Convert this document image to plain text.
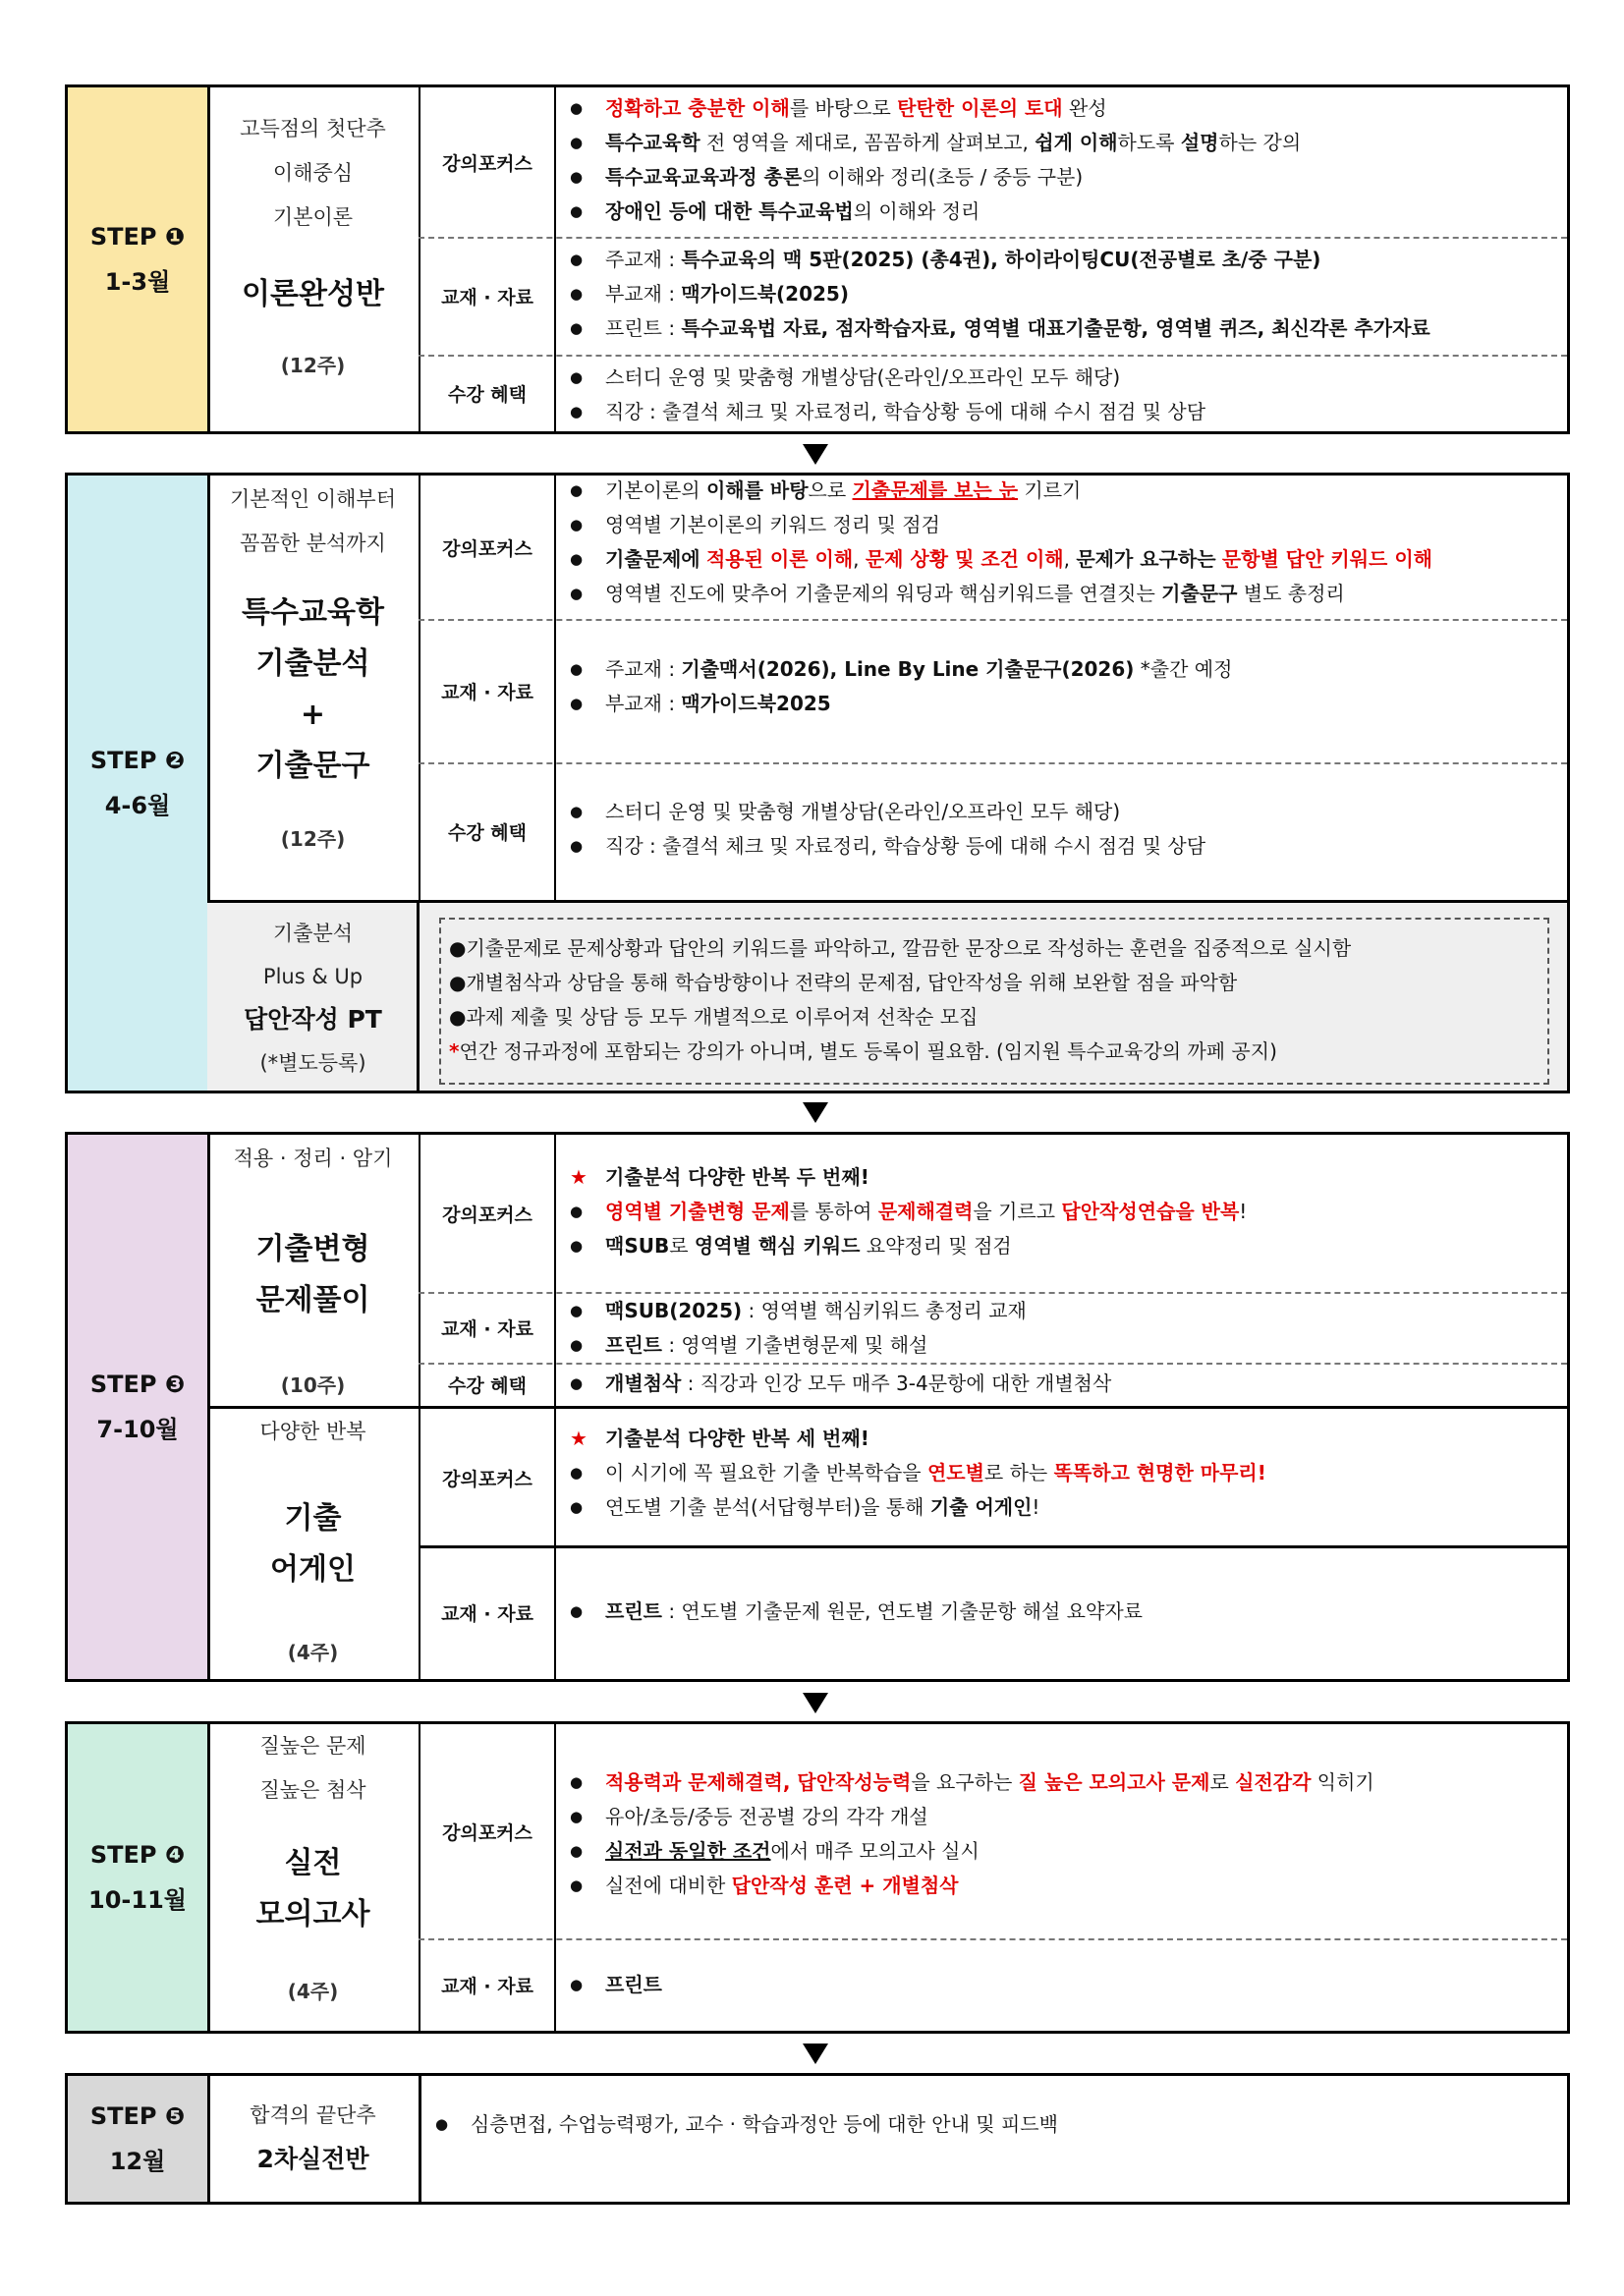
STEP ❶
1-3월
고득점의 첫단추
이해중심
기본이론
이론완성반
(12주)
강의포커스
교재 · 자료
수강 혜택
● 정확하고 충분한 이해를 바탕으로 탄탄한 이론의 토대 완성
● 특수교육학 전 영역을 제대로, 꼼꼼하게 살펴보고, 쉽게 이해하도록 설명하는 강의
● 특수교육교육과정 총론의 이해와 정리(초등 / 중등 구분)
● 장애인 등에 대한 특수교육법의 이해와 정리
● 주교재 : 특수교육의 맥 5판(2025) (총4권), 하이라이팅CU(전공별로 초/중 구분)
● 부교재 : 맥가이드북(2025)
● 프린트 : 특수교육법 자료, 점자학습자료, 영역별 대표기출문항, 영역별 퀴즈, 최신각론 추가자료
● 스터디 운영 및 맞춤형 개별상담(온라인/오프라인 모두 해당)
● 직강 : 출결석 체크 및 자료정리, 학습상황 등에 대해 수시 점검 및 상담
STEP ❷
4-6월
기본적인 이해부터
꼼꼼한 분석까지
특수교육학
기출분석
+
기출문구
(12주)
강의포커스
교재 · 자료
수강 혜택
● 기본이론의 이해를 바탕으로 기출문제를 보는 눈 기르기
● 영역별 기본이론의 키워드 정리 및 점검
● 기출문제에 적용된 이론 이해, 문제 상황 및 조건 이해, 문제가 요구하는 문항별 답안 키워드 이해
● 영역별 진도에 맞추어 기출문제의 워딩과 핵심키워드를 연결짓는 기출문구 별도 총정리
● 주교재 : 기출맥서(2026), Line By Line 기출문구(2026) *출간 예정
● 부교재 : 맥가이드북2025
● 스터디 운영 및 맞춤형 개별상담(온라인/오프라인 모두 해당)
● 직강 : 출결석 체크 및 자료정리, 학습상황 등에 대해 수시 점검 및 상담
기출분석
Plus & Up
답안작성 PT
(*별도등록)
●기출문제로 문제상황과 답안의 키워드를 파악하고, 깔끔한 문장으로 작성하는 훈련을 집중적으로 실시함
●개별첨삭과 상담을 통해 학습방향이나 전략의 문제점, 답안작성을 위해 보완할 점을 파악함
●과제 제출 및 상담 등 모두 개별적으로 이루어져 선착순 모집
*연간 정규과정에 포함되는 강의가 아니며, 별도 등록이 필요함. (임지원 특수교육강의 까페 공지)
STEP ❸
7-10월
적용 · 정리 · 암기
기출변형
문제풀이
(10주)
강의포커스
교재 · 자료
수강 혜택
★ 기출분석 다양한 반복 두 번째!
● 영역별 기출변형 문제를 통하여 문제해결력을 기르고 답안작성연습을 반복!
● 맥SUB로 영역별 핵심 키워드 요약정리 및 점검
● 맥SUB(2025) : 영역별 핵심키워드 총정리 교재
● 프린트 : 영역별 기출변형문제 및 해설
● 개별첨삭 : 직강과 인강 모두 매주 3-4문항에 대한 개별첨삭
다양한 반복
기출
어게인
(4주)
강의포커스
교재 · 자료
★ 기출분석 다양한 반복 세 번째!
● 이 시기에 꼭 필요한 기출 반복학습을 연도별로 하는 똑똑하고 현명한 마무리!
● 연도별 기출 분석(서답형부터)을 통해 기출 어게인!
● 프린트 : 연도별 기출문제 원문, 연도별 기출문항 해설 요약자료
STEP ❹
10-11월
질높은 문제
질높은 첨삭
실전
모의고사
(4주)
강의포커스
교재 · 자료
● 적용력과 문제해결력, 답안작성능력을 요구하는 질 높은 모의고사 문제로 실전감각 익히기
● 유아/초등/중등 전공별 강의 각각 개설
● 실전과 동일한 조건에서 매주 모의고사 실시
● 실전에 대비한 답안작성 훈련 + 개별첨삭
● 프린트
STEP ❺
12월
합격의 끝단추
2차실전반
● 심층면접, 수업능력평가, 교수 · 학습과정안 등에 대한 안내 및 피드백
